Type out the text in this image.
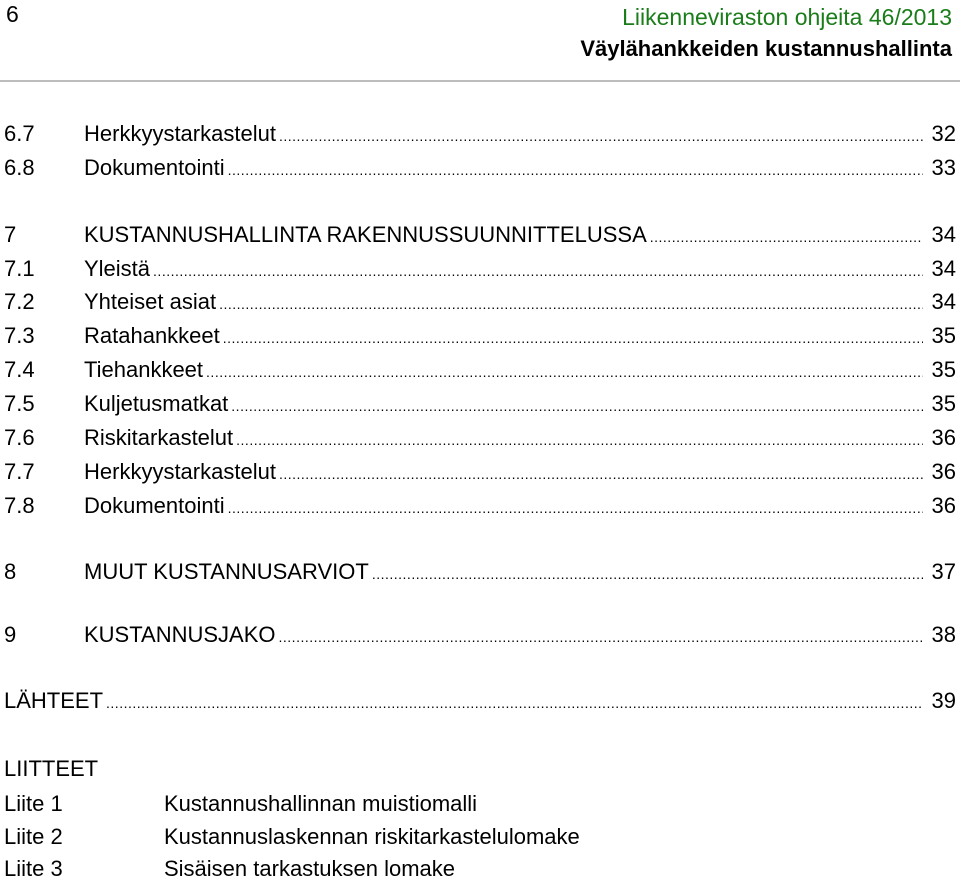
6	Liikenneviraston ohjeita 46/2013
Väylähankkeiden kustannushallinta
6.7	Herkkyystarkastelut .....	32
6.8	Dokumentointi .....	33
7	KUSTANNUSHALLINTA RAKENNUSSUUNNITTELUSSA .....	34
7.1	Yleistä .....	34
7.2	Yhteiset asiat .....	34
7.3	Ratahankkeet .....	35
7.4	Tiehankkeet .....	35
7.5	Kuljetusmatkat .....	35
7.6	Riskitarkastelut .....	36
7.7	Herkkyystarkastelut .....	36
7.8	Dokumentointi .....	36
8	MUUT KUSTANNUSARVIOT .....	37
9	KUSTANNUSJAKO .....	38
LÄHTEET .....	39
LIITTEET
Liite 1	Kustannushallinnan muistiomalli
Liite 2	Kustannuslaskennan riskitarkastelulomake
Liite 3	Sisäisen tarkastuksen lomake
